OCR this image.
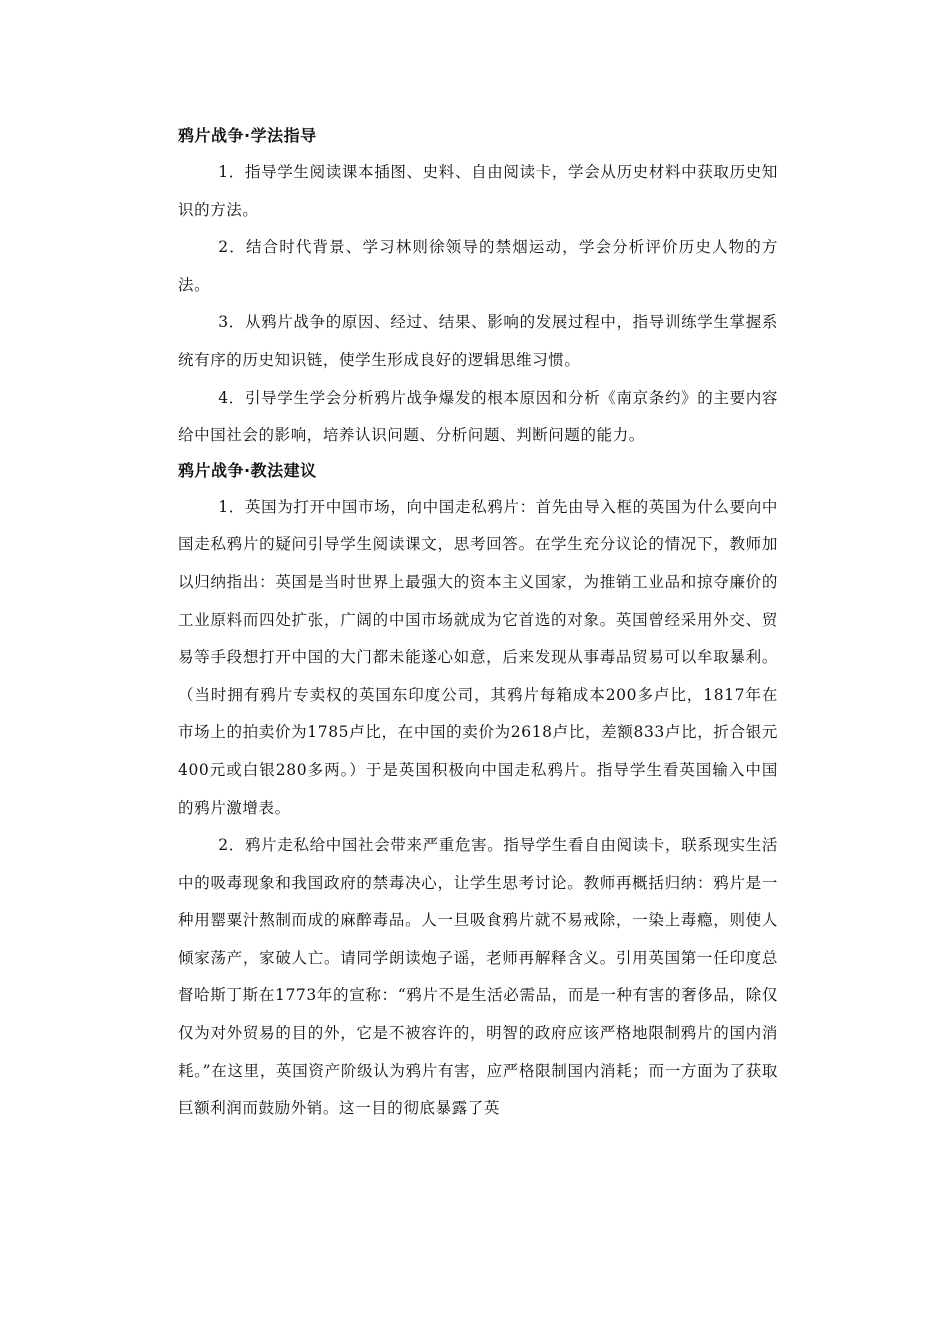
鸦片战争·学法指导

1．指导学生阅读课本插图、史料、自由阅读卡，学会从历史材料中获取历史知识的方法。

2．结合时代背景、学习林则徐领导的禁烟运动，学会分析评价历史人物的方法。

3．从鸦片战争的原因、经过、结果、影响的发展过程中，指导训练学生掌握系统有序的历史知识链，使学生形成良好的逻辑思维习惯。

4．引导学生学会分析鸦片战争爆发的根本原因和分析《南京条约》的主要内容给中国社会的影响，培养认识问题、分析问题、判断问题的能力。

鸦片战争·教法建议

1．英国为打开中国市场，向中国走私鸦片：首先由导入框的英国为什么要向中国走私鸦片的疑问引导学生阅读课文，思考回答。在学生充分议论的情况下，教师加以归纳指出：英国是当时世界上最强大的资本主义国家，为推销工业品和掠夺廉价的工业原料而四处扩张，广阔的中国市场就成为它首选的对象。英国曾经采用外交、贸易等手段想打开中国的大门都未能遂心如意，后来发现从事毒品贸易可以牟取暴利。（当时拥有鸦片专卖权的英国东印度公司，其鸦片每箱成本200多卢比，1817年在市场上的拍卖价为1785卢比，在中国的卖价为2618卢比，差额833卢比，折合银元400元或白银280多两。）于是英国积极向中国走私鸦片。指导学生看英国输入中国的鸦片激增表。

2．鸦片走私给中国社会带来严重危害。指导学生看自由阅读卡，联系现实生活中的吸毒现象和我国政府的禁毒决心，让学生思考讨论。教师再概括归纳：鸦片是一种用罂粟汁熬制而成的麻醉毒品。人一旦吸食鸦片就不易戒除，一染上毒瘾，则使人倾家荡产，家破人亡。请同学朗读炮子谣，老师再解释含义。引用英国第一任印度总督哈斯丁斯在1773年的宣称：“鸦片不是生活必需品，而是一种有害的奢侈品，除仅仅为对外贸易的目的外，它是不被容许的，明智的政府应该严格地限制鸦片的国内消耗。”在这里，英国资产阶级认为鸦片有害，应严格限制国内消耗；而一方面为了获取巨额利润而鼓励外销。这一目的彻底暴露了英
